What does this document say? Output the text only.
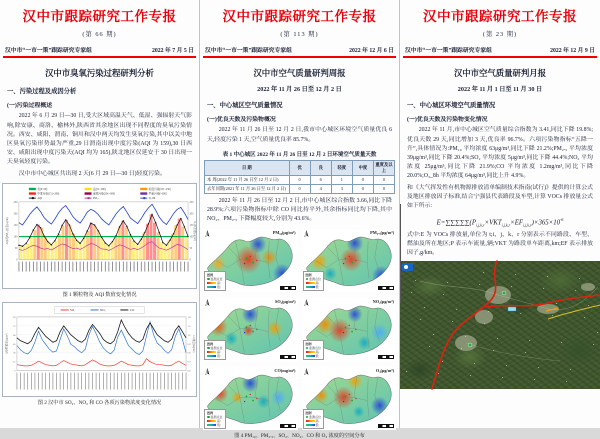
汉中市跟踪研究工作专报
(第 66 期)
汉中市“一市一策”跟踪研究专家组	2022 年 7 月 5 日
汉中市臭氧污染过程研判分析
一、污染过程及成因分析
(一)污染过程概述
2022 年 6 月 29 日—30 日,受大区域高温天气、低湿、强辐射天气影响,除安康、商洛、榆林外,陕西省其余地区出现不同程度的臭氧污染情况。西安、咸阳、渭南、铜川和汉中两天均发生臭氧污染,其中以关中地区臭氧污染形势最为严重,29 日渭南出现中度污染(AQI 为 159),30 日西安、咸阳出现中度污染天(AQI 均为 165),陕北地区仅延安于 30 日出现一天臭氧轻度污染。
汉中市中心城区共出现 2 天(6 月 29 日—30 日)轻度污染。
优(0~50)	良(51~100)	轻度污染(101~150)
中度污染(151~200)	重度污染(201~300)	严重污染(>300)
AQI	PM₂.₅	O₃-8h
0	0
50	50
100	100
150	150
200	200
250	250
AQI及PM₂.₅浓度(μg/m³)	O₃-8h浓度(μg/m³)
图 1 颗粒物及 AQI 数值变化情况
SO₂	NO₂	CO
0
15
30
45
60
75
90
0.0
0.3
0.6
0.9
1.2
1.5
1.8
污染物浓度(μg/m³)	CO浓度(mg/m³)
图 2 汉中市 SO₂、NO₂ 和 CO 各项污染物浓度变化情况
汉中市跟踪研究工作专报
(第 113 期)
汉中市“一市一策”跟踪研究专家组	2022 年 12 月 6 日
汉中市空气质量研判周报
2022 年 11 月 26 日至 12 月 2 日
一、中心城区空气质量情况
(一)优良天数及污染物概况
2022 年 11 月 26 日至 12 月 2 日,我市中心城区环境空气质量优良 6 天,轻度污染 1 天,空气质量优良率 85.7%。
表 1 中心城区 2022 年 11 月 26 日至 12 月 2 日环境空气质量天数
日 期	优	良	轻度	中度	重度及以上
本 周(2022 年 11 月 26 日至 12 月 2 日)	0	6	1	0	0
去年同期(2021 年 11 月 26 日至 12 月 2 日)	0	4	3	0	0
2022 年 11 月 26 日至 12 月 2 日,市中心城区综合指数 3.66,同比下降 28.9%;六项污染物指标中除 CO 同比持平外,其余指标同比均下降,其中 NO₂、PM₂.₅ 下降幅度较大,分别为 43.6%。
PM₁₀(μg/m³)
图例
监测点位
高:
低:
PM₂.₅(μg/m³)
图例
监测点位
高:
低:
SO₂(μg/m³)
图例
监测点位
高:
低:
NO₂(μg/m³)
图例
监测点位
高:
低:
CO(mg/m³)
图例
监测点位
高:
低:
O₃(μg/m³)
图例
监测点位
高:
低:
图 4 PM₁₀、PM₂.₅、SO₂、NO₂、CO 和 O₃ 浓度的空间分布
汉中市跟踪研究工作专报
(第 23 期)
汉中市“一市一策”跟踪研究专家组	2022 年 12 月 9 日
汉中市空气质量研判月报
2022 年 11 月 1 日至 11 月 30 日
一、中心城区环境空气质量情况
(一)优良天数及污染物变化情况
2022 年 11 月,市中心城区空气质量综合指数为 3.41,同比下降 19.8%;优良天数 29 天,同比增加 3 天,优良率 96.7%。六项污染物指标“五降一升”,具体情况为:PM₁₀ 平均浓度 63μg/m³,同比下降 21.2%;PM₂.₅ 平均浓度 39μg/m³,同比下降 20.4%;SO₂ 平均浓度 5μg/m³,同比下降 44.4%;NO₂ 平均浓度 25μg/m³,同比下降 21.9%;CO 平均浓度 1.2mg/m³,同比下降 20.0%;O₃_8h 平均浓度 64μg/m³,同比上升 4.9%。
和《大气挥发性有机物源排放清单编制技术指南(试行)》提供的计算公式及地区排放因子标准,结合宁强县代表路段及车型,计算 VOCs 排放量公式如下所示:
$E=\sum\sum\sum\sum\sum(P_{i,j,k,r}\times VKT_{i,j,k,r}\times EF_{i,j,k,r})\times 365\times 10^{-6}$
式中:E 为 VOCs 排放量,单位为 t;i、j、k、r 分别表示不同路段、车型、燃油及所在地区;P 表示车流量,辆;VKT 为路段单车距离,km;EF 表示排放因子,g/km。
